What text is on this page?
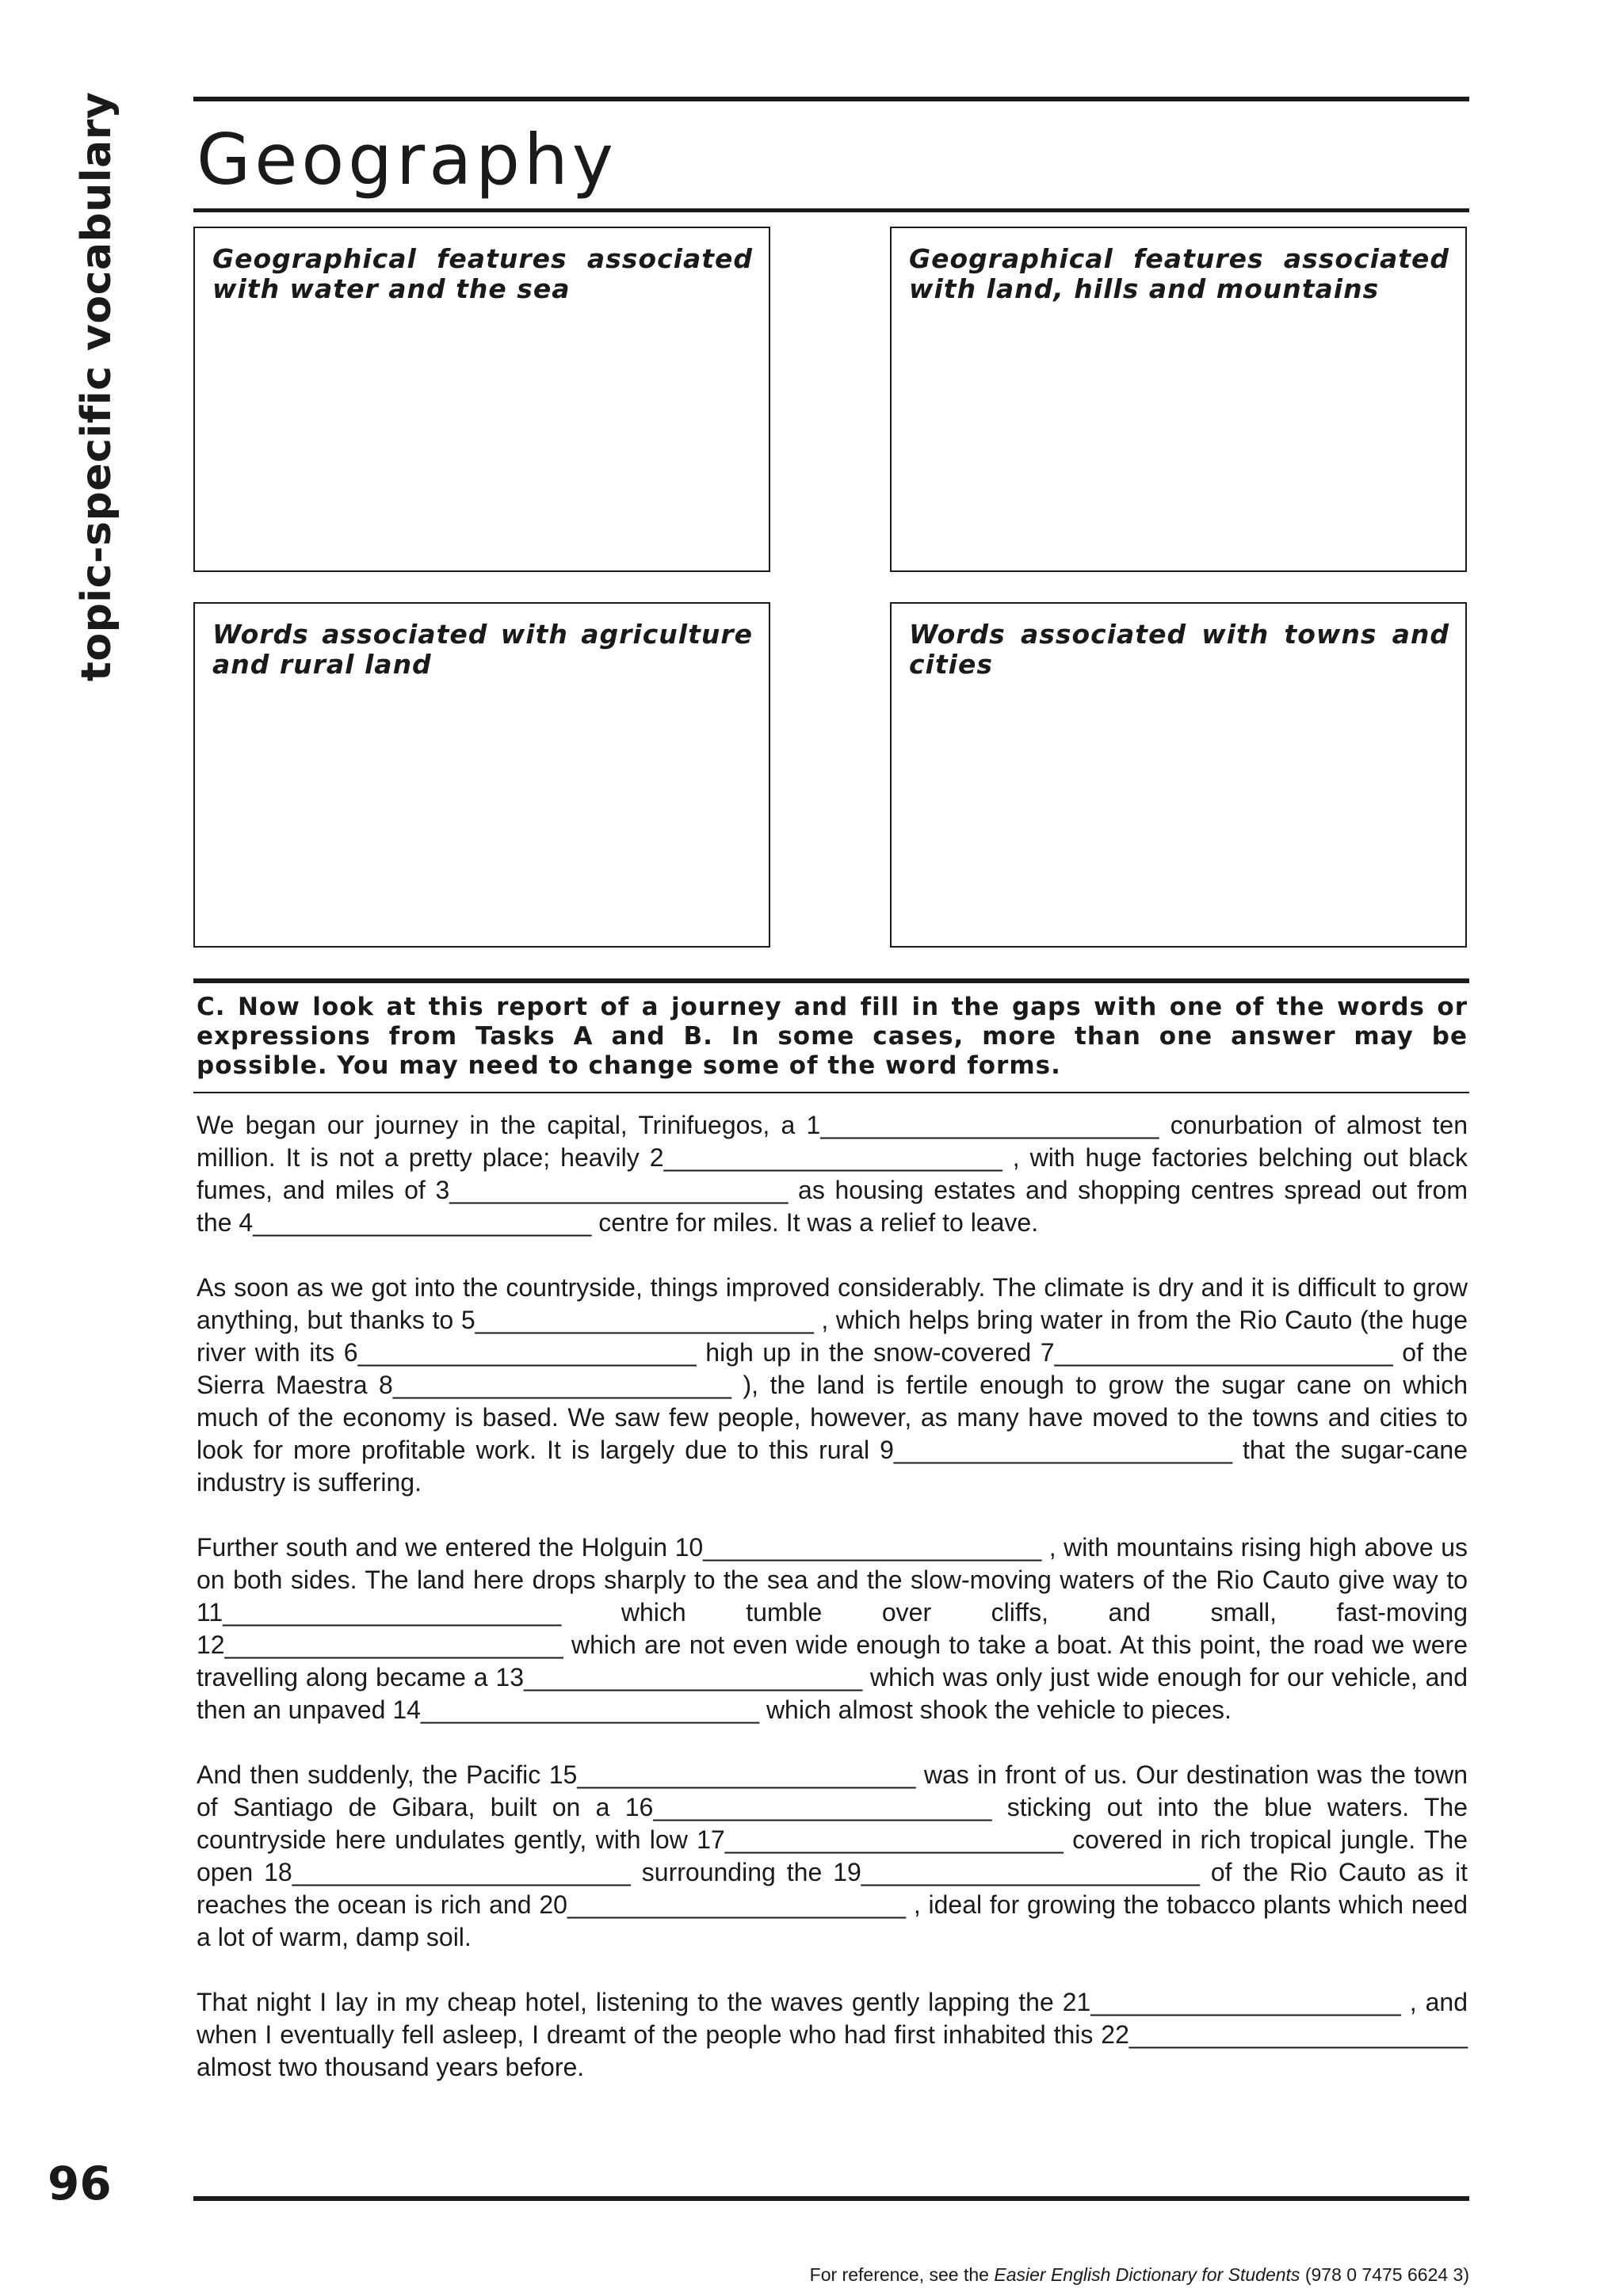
topic-specific vocabulary Geography
Geographical features associated with water and the sea
Geographical features associated with land, hills and mountains
Words associated with agriculture and rural land
Words associated with towns and cities
C. Now look at this report of a journey and fill in the gaps with one of the words or expressions from Tasks A and B. In some cases, more than one answer may be possible. You may need to change some of the word forms.

We began our journey in the capital, Trinifuegos, a 1________________________ conurbation of almost ten million. It is not a pretty place; heavily 2________________________ , with huge factories belching out black fumes, and miles of 3________________________ as housing estates and shopping centres spread out from the 4________________________ centre for miles. It was a relief to leave.

As soon as we got into the countryside, things improved considerably. The climate is dry and it is difficult to grow anything, but thanks to 5________________________ , which helps bring water in from the Rio Cauto (the huge river with its 6________________________ high up in the snow-covered 7________________________ of the Sierra Maestra 8________________________ ), the land is fertile enough to grow the sugar cane on which much of the economy is based. We saw few people, however, as many have moved to the towns and cities to look for more profitable work. It is largely due to this rural 9________________________ that the sugar-cane industry is suffering.

Further south and we entered the Holguin 10________________________ , with mountains rising high above us on both sides. The land here drops sharply to the sea and the slow-moving waters of the Rio Cauto give way to 11________________________ which tumble over cliffs, and small, fast-moving 12________________________ which are not even wide enough to take a boat. At this point, the road we were travelling along became a 13________________________ which was only just wide enough for our vehicle, and then an unpaved 14________________________ which almost shook the vehicle to pieces.

And then suddenly, the Pacific 15________________________ was in front of us. Our destination was the town of Santiago de Gibara, built on a 16________________________ sticking out into the blue waters. The countryside here undulates gently, with low 17________________________ covered in rich tropical jungle. The open 18________________________ surrounding the 19________________________ of the Rio Cauto as it reaches the ocean is rich and 20________________________ , ideal for growing the tobacco plants which need a lot of warm, damp soil.

That night I lay in my cheap hotel, listening to the waves gently lapping the 21______________________ , and when I eventually fell asleep, I dreamt of the people who had first inhabited this 22________________________ almost two thousand years before.

96
For reference, see the Easier English Dictionary for Students (978 0 7475 6624 3)
